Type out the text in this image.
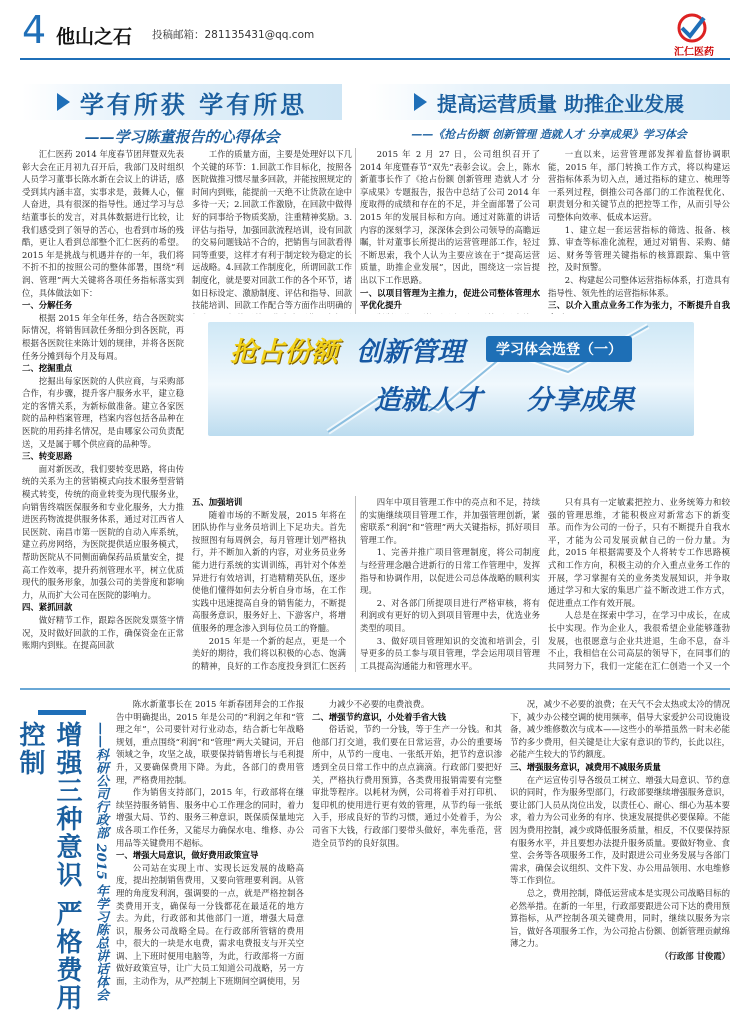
4 他山之石 投稿邮箱：281135431@qq.com
汇仁医药
学有所获 学有所思
——学习陈董报告的心得体会
提高运营质量 助推企业发展
——《抢占份额 创新管理 造就人才 分享成果》学习体会

汇仁医药 2014 年度春节团拜暨双先表彰大会在正月初九召开后，我部门及时组织人员学习董事长陈水新在会议上的讲话，感受到其内涵丰富，实事求是，鼓舞人心，催人奋进，具有很深的指导性。通过学习与总结董事长的发言，对具体数据进行比较，让我们感受到了领导的苦心，也看到市场的残酷，更让人看到总部整个汇仁医药的希望。2015 年是挑战与机遇并存的一年，我们将不折不扣的按照公司的整体部署，围绕“利润、管理”两大关键将各项任务指标落实到位，具体做法如下：

一、分解任务

根据 2015 年全年任务，结合各医院实际情况，将销售回款任务细分到各医院，再根据各医院往来陈计划的规律，并将各医院任务分摊到每个月及每周。

二、挖掘重点

挖掘出每家医院的人供应商，与采购部合作，有步骤，提升客户服务水平，建立稳定的客情关系，为新标做准备。建立各家医院的品种档案管理，档案内容包括各品种在医院的用药排名情况，是由哪家公司负责配送，又是属于哪个供应商的品种等。

三、转变思路

面对新医改，我们要转变思路，将由传统的关系为主的营销模式向技术服务型营销模式转变，传统的商业转变为现代服务业，向销售终端医保服务和专业化服务，大力推进医药物流提供服务体系，通过对江西省人民医院、南昌市第一医院的自动入库系统，建立药房网络，为医院提供适应服务模式，帮助医院从不同侧面确保药品质量安全，提高工作效率，提升药剂管理水平，树立优质现代的服务形象，加强公司的美誉度和影响力，从而扩大公司在医院的影响力。

四、紧抓回款

做好精节工作，跟踪各医院发票签字情况，及时做好回款的工作，确保资金在正常账期内到账。在提高回款

工作的质量方面，主要是处理好以下几个关键的环节：1.回款工作目标化，按照各医院做推习惯尽量多回款，并能按照规定的时间内到账，能提前一天绝不让货款在途中多待一天；2.回款工作激励，在回款中做得好的同事给予物质奖励，注重精神奖励。3.评估与指导，加强回款流程培训，设有回款的交易问题钱站不合的，把销售与回款看得同等重要，这样才有利于制定较为稳定的长远战略。4.回款工作制度化，所谓回款工作制度化，就是要对回款工作的各个环节，诸如日标设定、激励制度、评估和指导、回款技能培训、回款工作配合等方面作出明确的

五、加强培训

随着市场的不断发展，2015 年将在团队协作与业务员培训上下足功夫。首先按照图有每周例会，每月管理计划严格执行，并不断加入新的内容，对业务员业务能力进行系统的实训训练，再针对个体差异进行有效培训，打造精精英队伍，逐步使他们懂得如何去分析自身市场，在工作实践中迅速提高自身的销售能力，不断提高服务意识，服务好上、下游客户，将增值服务的理念渗入到每位员工的脊髓。

2015 年是一个新的起点，更是一个美好的期待，我们将以积极的心态、饱满的精神，良好的工作态度投身到汇仁医药

2015 年 2 月 27 日，公司组织召开了 2014 年度暨春节“双先”表彰会议。会上，陈水新董事长作了《抢占份额 创新管理 造就人才 分享成果》专题报告，报告中总结了公司 2014 年度取得的成绩和存在的不足，并全面部署了公司 2015 年的发展目标和方向。通过对陈董的讲话内容的深刻学习，深深体会到公司领导的高瞻远瞩，针对董事长所提出的运营管理部工作，轻过不断思索，我个人认为主要应该在于“提高运营质量，助推企业发展”，因此，围绕这一宗旨提出以下工作思路。

一、以项目管理为主推力，促进公司整体管理水平优化提升

一直以来，运营管理部发挥着监督协调职能，2015 年，部门转换工作方式，将以构建运营指标体系为切入点，通过指标的建立、梳理等一系列过程，倒推公司各部门的工作流程优化、职责划分和关键节点的把控等工作，从而引导公司整体向效率、低成本运营。

1、建立起一套运营指标的筛选、报备、核算、审查等标准化流程，通过对销售、采购、储运、财务等管理关键指标的核算跟踪、集中管控，及时预警。

2、构建起公司整体运营指标体系，打造具有指导性、领先性的运营指标体系。

三、以介入重点业务工作为张力，不断提升自我

四年中项目管理工作中的亮点和不足，持续的实施继续项目管理工作，并加强管理创新，紧密联系“利润”和“管理”两大关键指标，抓好项目管理工作。

1、完善并推广项目管理制度，将公司制度与经营理念融合进新行的日常工作管理中，发挥指导和协调作用，以促进公司总体战略的顺利实现。

2、对各部门所提项目进行严格审核，将有利润或有更好的切入到项目管理中去，优选业务类型的项目。

3、做好项目管理知识的交流和培训会，引导更多的员工参与项目管理，学会运用项目管理工具提高沟通能力和管理水平。

只有具有一定敏素把控力、业务统筹力和较强的管理思维，才能积极应对新常态下的新变革。而作为公司的一份子，只有不断提升自我水平，才能为公司发展贡献自己的一份力量。为此，2015 年根据需要及个人将转专工作思路模式和工作方向，积极主动的介入重点业务工作的开展，学习掌握有关的业务类发展知识，并争取通过学习和大家的集思广益不断改进工作方式，促进重点工作有效开展。

人总是在探索中学习，在学习中成长，在成长中实现。作为企业人，我很希望企业能够蓬勃发展，也很愿意与企业共进退，生命不息，奋斗不止，我相信在公司高层的领导下，在同事们的共同努力下，我们一定能在汇仁创造一个又一个

学习体会选登（一）
抢占份额 创新管理
造就人才 分享成果
增强三种意识 严格费用控制	——科研公司行政部 2015 年学习陈总讲话体会

陈水新董事长在 2015 年新春团拜会的工作报告中明确提出，2015 年是公司的“利润之年和“管理之年”，公司要针对行业动态，结合新七年战略规划，重点围绕“利润”和“管理”两大关键词，开启领域之争，攻坚之战，联要保持销售增长与毛利提升，又要确保费用下降。为此，各部门的费用管理，严格费用控制。

作为销售支持部门，2015 年，行政部将在继续坚持服务销售、服务中心工作理念的同时，着力增强大局、节约、服务三种意识，既保质保量地完成各项工作任务，又能尽力确保水电、维修、办公用品等关键费用不超标。

一、增强大局意识，做好费用政策宣导

公司站在实现上市、实现长远发展的战略高度，提出控制销售费用，又要向管理要利润。从管理的角度发利润，强调要的一点，就是严格控制各类费用开支，确保每一分钱都花在最适花的地方去。为此，行政部和其他部门一道，增强大局意识，服务公司战略全局。在行政部所管辖的费用中，很大的一块是水电费，需求电费报支与开关空调、上下班时便用电脑等，为此，行政部将一方面做好政策宣导，让广大员工知道公司战略，另一方面，主动作为，从严控制上下班期间空调使用，另

力减少不必要的电费浪费。

二、增强节约意识，小处着手省大钱

俗话说，节约一分钱，等于生产一分钱。和其他部门打交道，我们要在日常运营，办公的重要场所中，从节约一度电、一张纸开始，把节约意识渗透到全员日常工作中的点点滴滴。行政部门要把好关，严格执行费用预算，各类费用报销需要有完整审批等程序。以耗材为例，公司将着手对打印机、复印机的使用进行更有效的管理，从节约每一张纸入手，形成良好的节约习惯，通过小处着手，为公司省下大钱，行政部门要带头做好，率先垂范，营造全员节约的良好氛围。

况，减少不必要的浪费；在天气不会太热或太冷的情况下，减少办公楼空调的使用频率，倡导大家爱护公司设施设备，减少维修数次与成本——这些小的举措虽然一时未必能节约多少费用，但关键是让大家有意识的节约，长此以往，必能产生较大的节约额度。

三、增强服务意识，减费用不减服务质量

在产运宣传引导各级员工树立、增强大局意识、节约意识的同时，作为服务型部门，行政部要继续增强服务意识，要让部门人员从岗位出发，以责任心、耐心、细心为基本要求，着力为公司业务的有序、快速发展提供必要保障。不能因为费用控制，减少或降低服务质量，相反，不仅要保持原有服务水平，并且要想办法提升服务质量。要做好物业、食堂、会务等各项服务工作，及时跟进公司业务发展与各部门需求，确保会议组织、文件下发、办公用品领用、水电维修等工作到位。

总之，费用控制，降低运营成本是实现公司战略目标的必然举措。在新的一年里，行政部要跟进公司下达的费用预算指标，从严控制各项关键费用，同时，继续以服务为宗旨，做好各项服务工作，为公司抢占份额、创新管理贡献绵薄之力。

（行政部 甘俊霞）
